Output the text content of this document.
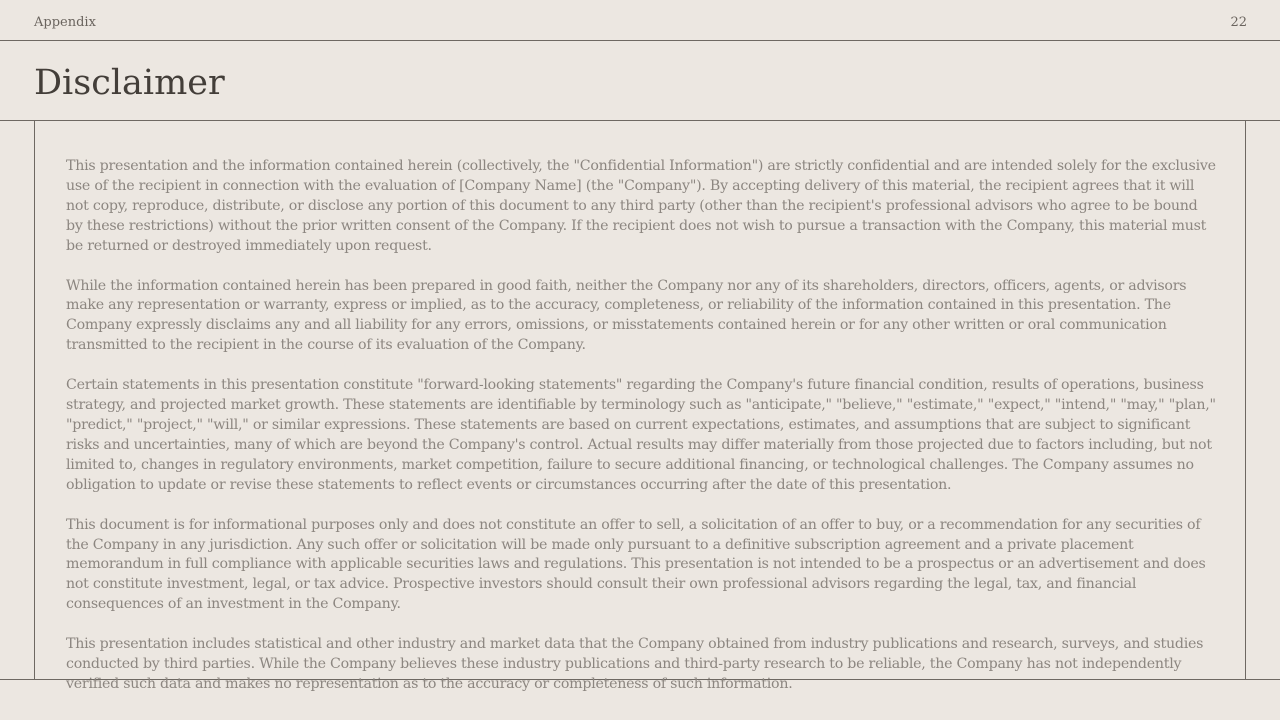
Appendix	22
Disclaimer

This presentation and the information contained herein (collectively, the "Confidential Information") are strictly confidential and are intended solely for the exclusive use of the recipient in connection with the evaluation of [Company Name] (the "Company"). By accepting delivery of this material, the recipient agrees that it will not copy, reproduce, distribute, or disclose any portion of this document to any third party (other than the recipient's professional advisors who agree to be bound by these restrictions) without the prior written consent of the Company. If the recipient does not wish to pursue a transaction with the Company, this material must be returned or destroyed immediately upon request.

While the information contained herein has been prepared in good faith, neither the Company nor any of its shareholders, directors, officers, agents, or advisors make any representation or warranty, express or implied, as to the accuracy, completeness, or reliability of the information contained in this presentation. The Company expressly disclaims any and all liability for any errors, omissions, or misstatements contained herein or for any other written or oral communication transmitted to the recipient in the course of its evaluation of the Company.

Certain statements in this presentation constitute "forward-looking statements" regarding the Company's future financial condition, results of operations, business strategy, and projected market growth. These statements are identifiable by terminology such as "anticipate," "believe," "estimate," "expect," "intend," "may," "plan," "predict," "project," "will," or similar expressions. These statements are based on current expectations, estimates, and assumptions that are subject to significant risks and uncertainties, many of which are beyond the Company's control. Actual results may differ materially from those projected due to factors including, but not limited to, changes in regulatory environments, market competition, failure to secure additional financing, or technological challenges. The Company assumes no obligation to update or revise these statements to reflect events or circumstances occurring after the date of this presentation.

This document is for informational purposes only and does not constitute an offer to sell, a solicitation of an offer to buy, or a recommendation for any securities of the Company in any jurisdiction. Any such offer or solicitation will be made only pursuant to a definitive subscription agreement and a private placement memorandum in full compliance with applicable securities laws and regulations. This presentation is not intended to be a prospectus or an advertisement and does not constitute investment, legal, or tax advice. Prospective investors should consult their own professional advisors regarding the legal, tax, and financial consequences of an investment in the Company.

This presentation includes statistical and other industry and market data that the Company obtained from industry publications and research, surveys, and studies conducted by third parties. While the Company believes these industry publications and third-party research to be reliable, the Company has not independently verified such data and makes no representation as to the accuracy or completeness of such information.
